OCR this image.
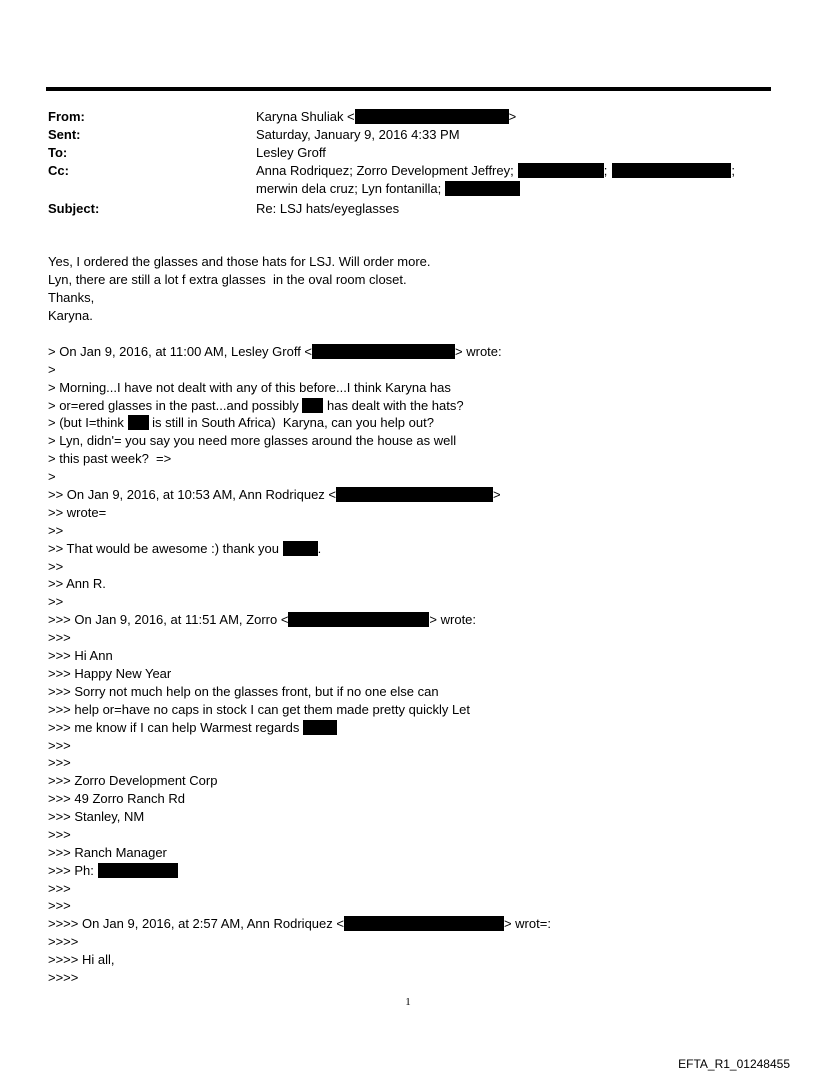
From:	Karyna Shuliak <	>
Sent:	Saturday, January 9, 2016 4:33 PM
To:	Lesley Groff
Cc:	Anna Rodriquez; Zorro Development Jeffrey;	;	;
merwin dela cruz; Lyn fontanilla;
Subject:	Re: LSJ hats/eyeglasses
Yes, I ordered the glasses and those hats for LSJ. Will order more.
Lyn, there are still a lot f extra glasses  in the oval room closet.
Thanks,
Karyna.
> On Jan 9, 2016, at 11:00 AM, Lesley Groff <	> wrote:
>
> Morning...I have not dealt with any of this before...I think Karyna has
> or=ered glasses in the past...and possibly  has dealt with the hats?
> (but I=think  is still in South Africa)  Karyna, can you help out?
> Lyn, didn'= you say you need more glasses around the house as well
> this past week?  =>
>
>> On Jan 9, 2016, at 10:53 AM, Ann Rodriquez <	>
>> wrote=
>>
>> That would be awesome :) thank you	.
>>
>> Ann R.
>>
>>> On Jan 9, 2016, at 11:51 AM, Zorro <	> wrote:
>>>
>>> Hi Ann
>>> Happy New Year
>>> Sorry not much help on the glasses front, but if no one else can
>>> help or=have no caps in stock I can get them made pretty quickly Let
>>> me know if I can help Warmest regards
>>>
>>>
>>> Zorro Development Corp
>>> 49 Zorro Ranch Rd
>>> Stanley, NM
>>>
>>> Ranch Manager
>>> Ph:
>>>
>>>
>>>> On Jan 9, 2016, at 2:57 AM, Ann Rodriquez <	> wrot=:
>>>>
>>>> Hi all,
>>>>
1
EFTA_R1_01248455
